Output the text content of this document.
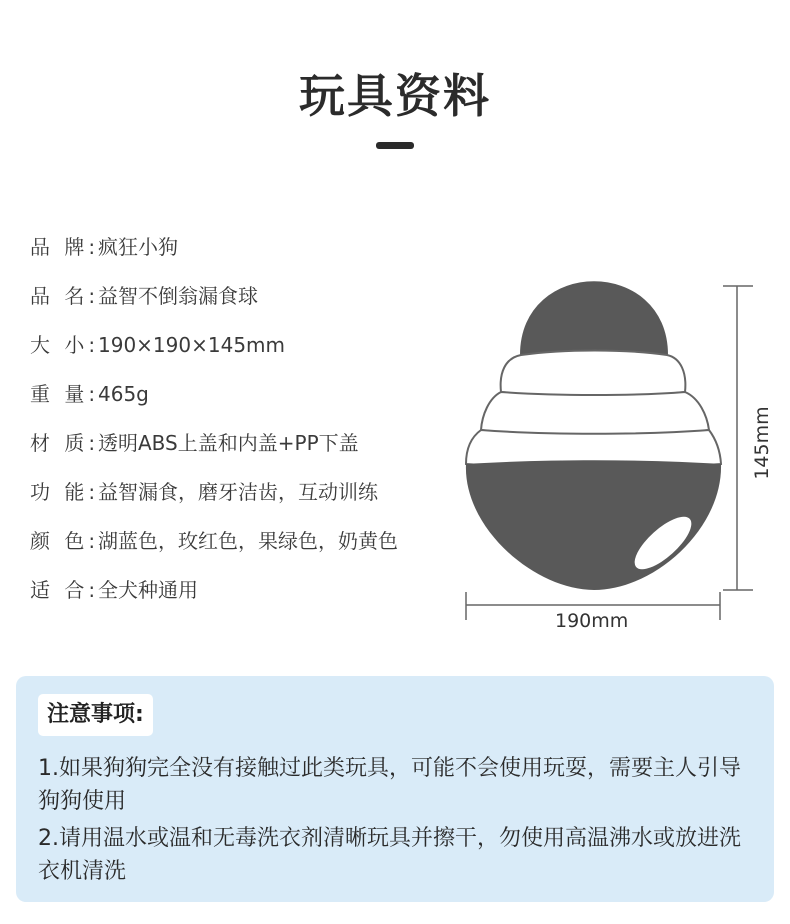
玩具资料
品 牌:疯狂小狗
品 名:益智不倒翁漏食球
大 小:190×190×145mm
重 量:465g
材 质:透明ABS上盖和内盖+PP下盖
功 能:益智漏食，磨牙洁齿，互动训练
颜 色:湖蓝色，玫红色，果绿色，奶黄色
适 合:全犬种通用
190mm
145mm
注意事项:
1.如果狗狗完全没有接触过此类玩具，可能不会使用玩耍，需要主人引导狗狗使用
2.请用温水或温和无毒洗衣剂清晰玩具并擦干，勿使用高温沸水或放进洗衣机清洗
